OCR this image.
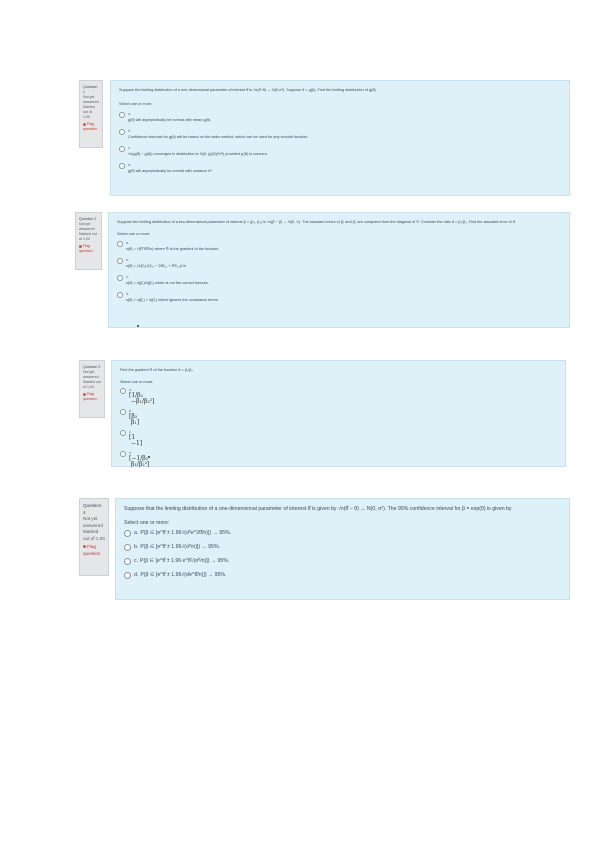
Question 1
Not yet answered
Marked out of 1.00
Flag question

Suppose the limiting distribution of a one-dimensional parameter of interest θ̂ is √n(θ̂−θ) → N(0,σ²). Suppose θ = g(β), Find the limiting distribution of g(θ̂).

Select one or more:
a.
g(θ̂) will asymptotically be normal with mean g(θ).
b.
Confidence intervals for g(θ) will be based on the delta method, which can be used for any smooth function.
c.
√n(g(θ̂) − g(θ)) converges in distribution to N(0, (g'(θ))²σ²) provided g'(θ) is nonzero.
d.
g(θ̂) will asymptotically be normal with variance σ².
Question 2
Not yet answered
Marked out of 1.00
Flag question

Suppose the limiting distribution of a two-dimensional parameter of interest β = (β₁, β₂) is √n(β̂ − β) → N(0, V). The standard errors of β̂₁ and β̂₂ are computed from the diagonal of V̂. Consider the ratio θ = β₁/β₂. Find the standard error of θ̂.

Select one or more:
a.
s(θ̂) = √(R̂'V̂R̂/n) where R̂ is the gradient of the function.
b.
s(θ̂) = (1/β̂₂)√(v̂₁₁ − 2θ̂v̂₁₂ + θ̂²v̂₂₂)/√n
c.
s(θ̂) = s(β̂₁)/s(β̂₂) which is not the correct formula.
d.
s(θ̂) = s(β̂₁) + s(β̂₂) which ignores the covariance terms.
Question 3
Not yet answered
Marked out of 1.00
Flag question

Find the gradient R of the function θ = β₁/β₂.

Select one or more:
a.
[1/β₂
−β₁/β₂²]
b.
[β₂
β₁]
c.
[1
−1]
d.
[−1/β₂
β₁/β₂²]
Question 4
Not yet answered
Marked out of 1.00
Flag question

Suppose that the limiting distribution of a one-dimensional parameter of interest θ̂ is given by √n(θ̂ − θ) → N(0, σ²). The 95% confidence interval for β = exp(θ) is given by

Select one or more:
a. P(β ∈ [e^θ̂ ± 1.96√(σ̂²e^2θ̂/n)]) → 95%.
b. P(β ∈ [e^θ̂ ± 1.96√(σ̂²/n)]) → 95%.
c. P(β ∈ [e^θ̂ ± 1.96 e^θ̂√(σ̂²/n)]) → 95%.
d. P(β ∈ [e^θ̂ ± 1.96√(σ̂e^θ̂/n)]) → 95%.
